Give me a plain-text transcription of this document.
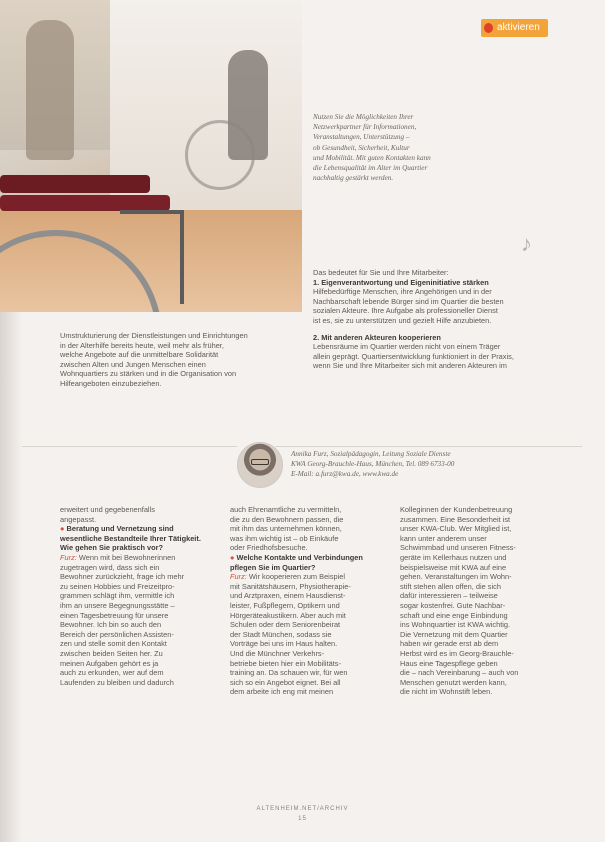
aktivieren

Nutzen Sie die Möglichkeiten Ihrer

Netzwerkpartner für Informationen,

Veranstaltungen, Unterstützung –

ob Gesundheit, Sicherheit, Kultur

und Mobilität. Mit guten Kontakten kann

die Lebensqualität im Alter im Quartier

nachhaltig gestärkt werden.

♪

Umstrukturierung der Dienstleistungen und Einrichtungen

in der Alterhilfe bereits heute, weil mehr als früher,

welche Angebote auf die unmittelbare Solidarität

zwischen Alten und Jungen Menschen einen

Wohnquartiers zu stärken und in die Organisation von

Hilfeangeboten einzubeziehen.

Das bedeutet für Sie und Ihre Mitarbeiter:

1. Eigenverantwortung und Eigeninitiative stärken

Hilfebedürftige Menschen, ihre Angehörigen und in der

Nachbarschaft lebende Bürger sind im Quartier die besten

sozialen Akteure. Ihre Aufgabe als professioneller Dienst

ist es, sie zu unterstützen und gezielt Hilfe anzubieten.

2. Mit anderen Akteuren kooperieren

Lebensräume im Quartier werden nicht von einem Träger

allein geprägt. Quartiersentwicklung funktioniert in der Praxis,

wenn Sie und Ihre Mitarbeiter sich mit anderen Akteuren im

Annika Furz, Sozialpädagogin, Leitung Soziale Dienste

KWA Georg-Brauchle-Haus, München, Tel. 089 6733-00

E-Mail: a.furz@kwa.de, www.kwa.de

erweitert und gegebenenfalls

angepasst.

● Beratung und Vernetzung sind wesentliche Bestandteile Ihrer Tätigkeit. Wie gehen Sie praktisch vor?

Furz: Wenn mit bei Bewohnerinnen

zugetragen wird, dass sich ein

Bewohner zurückzieht, frage ich mehr

zu seinen Hobbies und Freizeitpro-

grammen schlägt ihm, vermittle ich

ihm an unsere Begegnungsstätte –

einen Tagesbetreuung für unsere

Bewohner. Ich bin so auch den

Bereich der persönlichen Assisten-

zen und stelle somit den Kontakt

zwischen beiden Seiten her. Zu

meinen Aufgaben gehört es ja

auch zu erkunden, wer auf dem

Laufenden zu bleiben und dadurch

auch Ehrenamtliche zu vermitteln,

die zu den Bewohnern passen, die

mit ihm das unternehmen können,

was ihm wichtig ist – ob Einkäufe

oder Friedhofsbesuche.

● Welche Kontakte und Verbindungen pflegen Sie im Quartier?

Furz: Wir kooperieren zum Beispiel

mit Sanitätshäusern, Physiotherapie-

und Arztpraxen, einem Hausdienst-

leister, Fußpflegern, Optikern und

Hörgeräteakustikern. Aber auch mit

Schulen oder dem Seniorenbeirat

der Stadt München, sodass sie

Vorträge bei uns im Haus halten.

Und die Münchner Verkehrs-

betriebe bieten hier ein Mobilitäts-

training an. Da schauen wir, für wen

sich so ein Angebot eignet. Bei all

dem arbeite ich eng mit meinen

Kolleginnen der Kundenbetreuung

zusammen. Eine Besonderheit ist

unser KWA-Club. Wer Mitglied ist,

kann unter anderem unser

Schwimmbad und unseren Fitness-

geräte im Kellerhaus nutzen und

beispielsweise mit KWA auf eine

gehen. Veranstaltungen im Wohn-

stift stehen allen offen, die sich

dafür interessieren – teilweise

sogar kostenfrei. Gute Nachbar-

schaft und eine enge Einbindung

ins Wohnquartier ist KWA wichtig.

Die Vernetzung mit dem Quartier

haben wir gerade erst ab dem

Herbst wird es im Georg-Brauchle-

Haus eine Tagespflege geben

die – nach Vereinbarung – auch von

Menschen genutzt werden kann,

die nicht im Wohnstift leben.

ALTENHEIM.NET/ARCHIV
15
